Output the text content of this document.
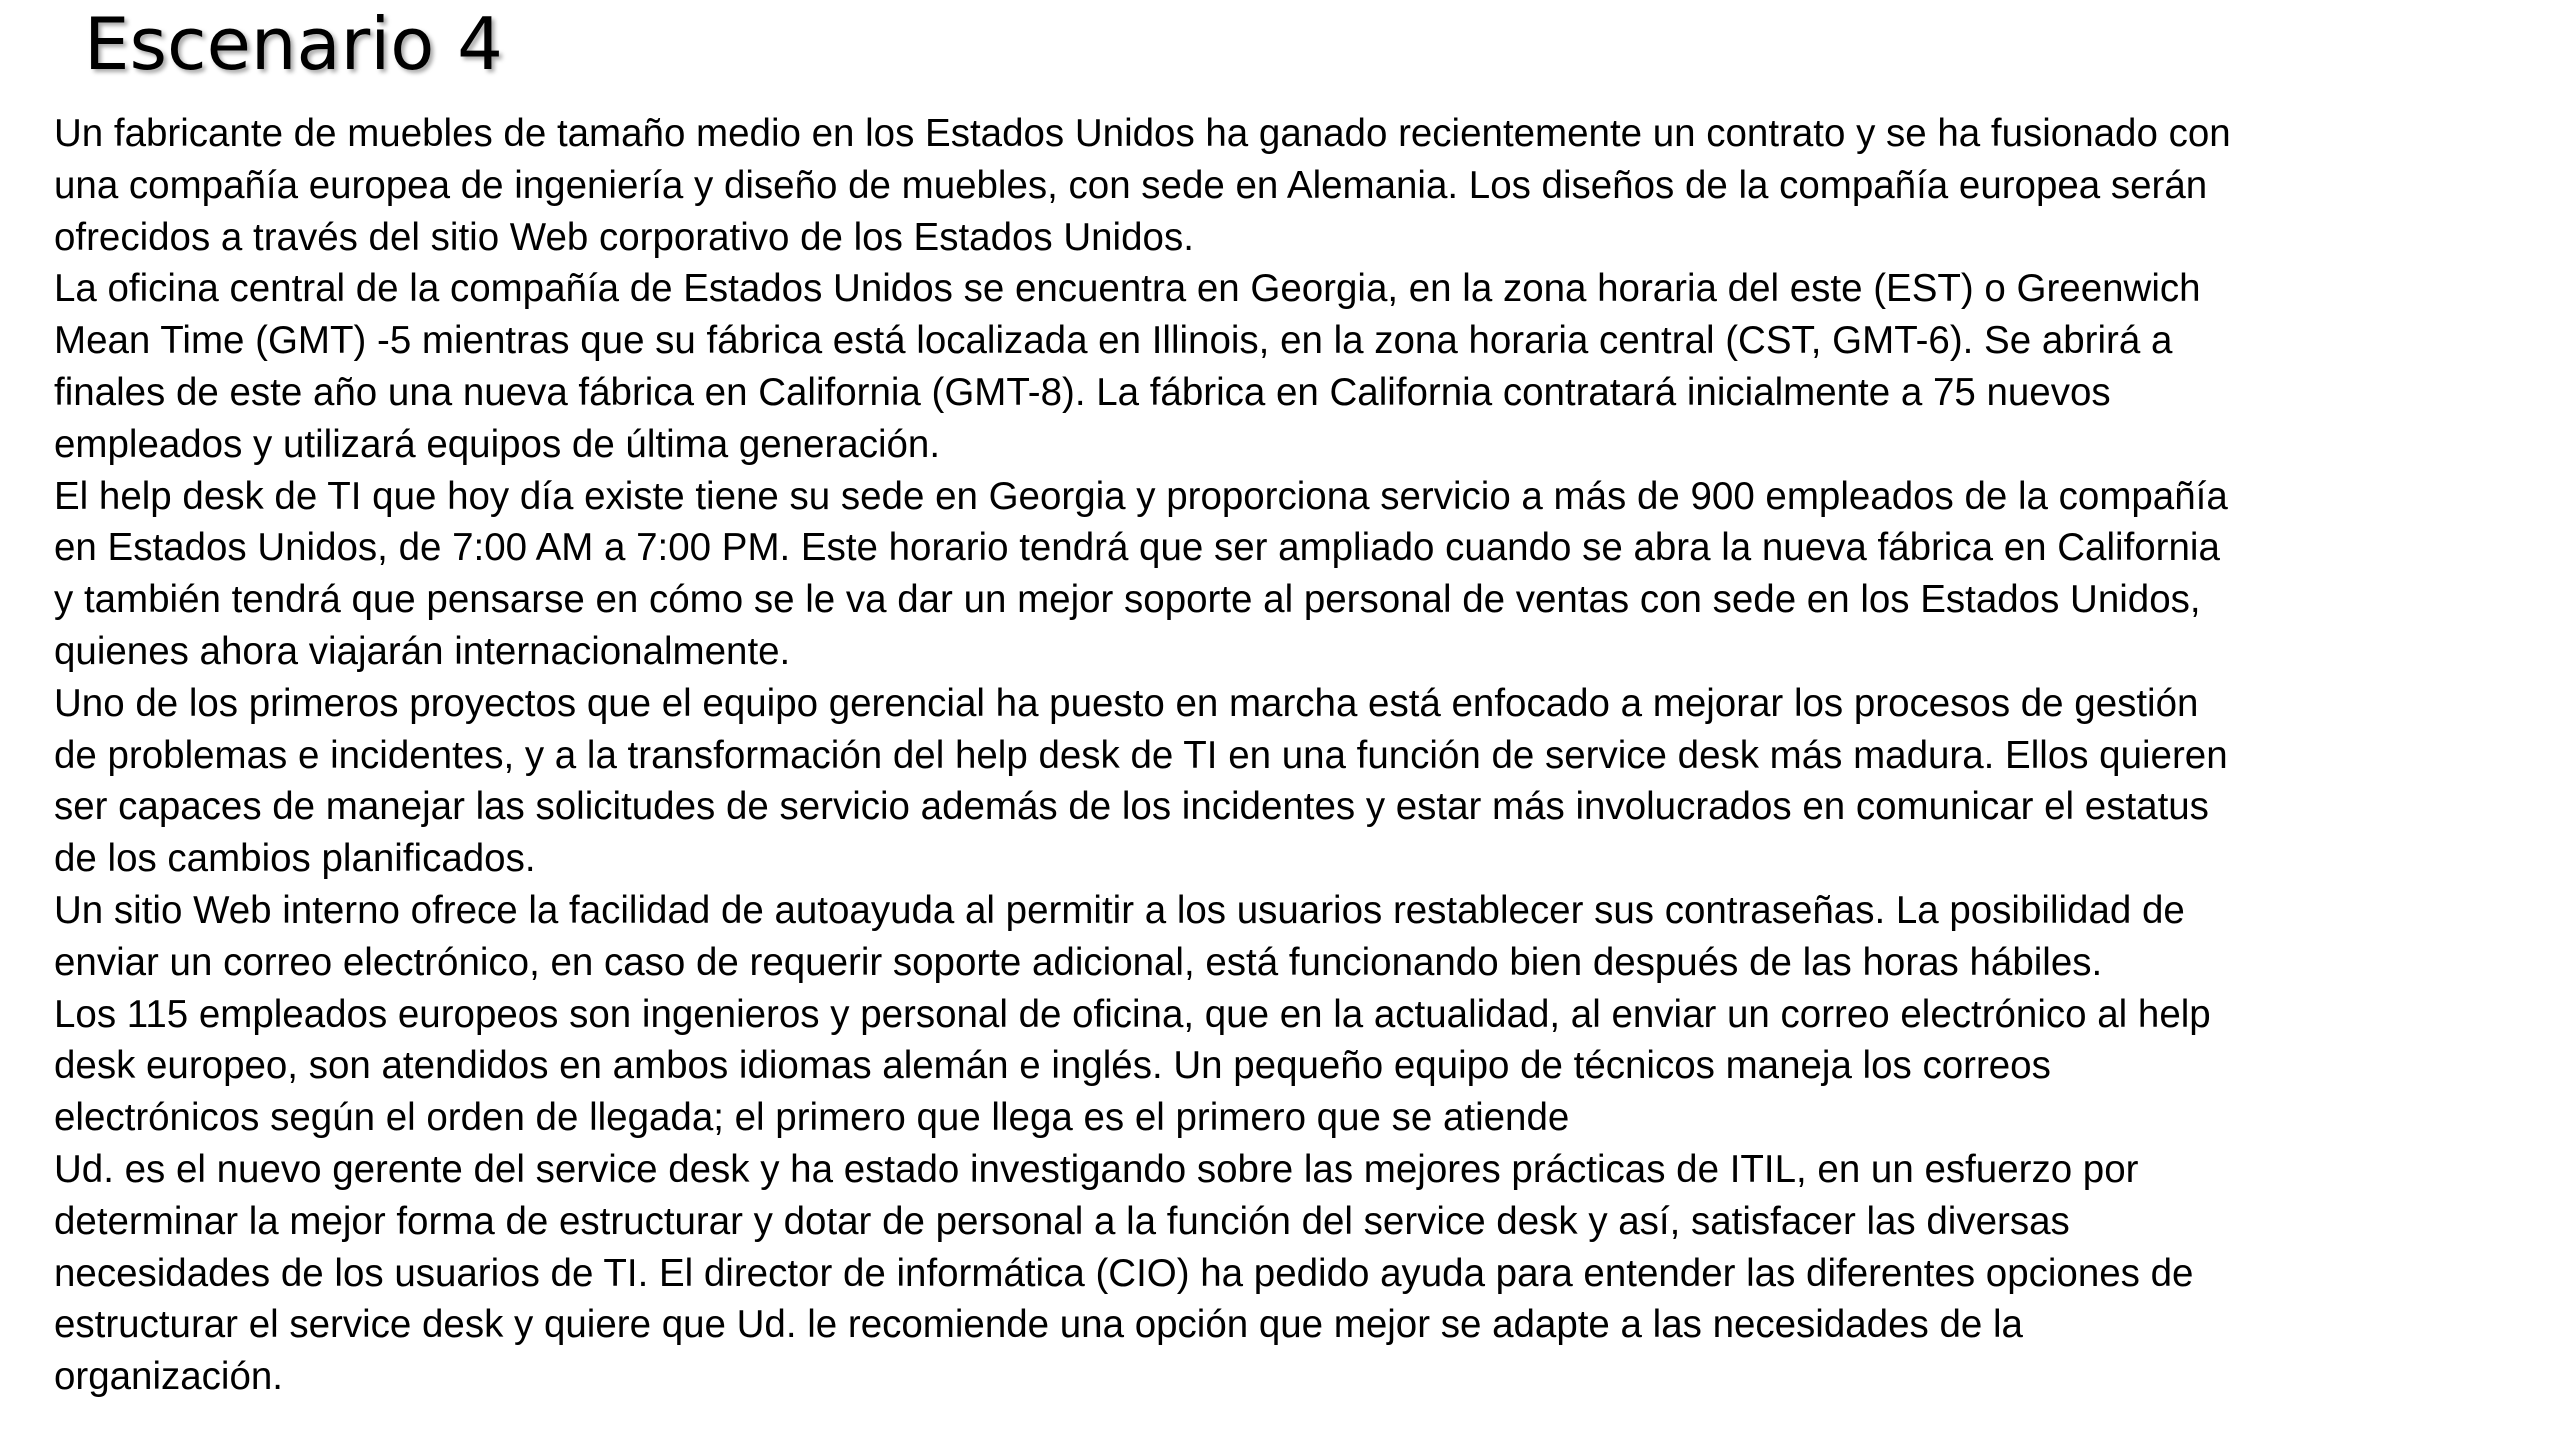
Escenario 4

Un fabricante de muebles de tamaño medio en los Estados Unidos ha ganado recientemente un contrato y se ha fusionado con
una compañía europea de ingeniería y diseño de muebles, con sede en Alemania. Los diseños de la compañía europea serán
ofrecidos a través del sitio Web corporativo de los Estados Unidos.

La oficina central de la compañía de Estados Unidos se encuentra en Georgia, en la zona horaria del este (EST) o Greenwich
Mean Time (GMT) -5 mientras que su fábrica está localizada en Illinois, en la zona horaria central (CST, GMT-6). Se abrirá a
finales de este año una nueva fábrica en California (GMT-8). La fábrica en California contratará inicialmente a 75 nuevos
empleados y utilizará equipos de última generación.

El help desk de TI que hoy día existe tiene su sede en Georgia y proporciona servicio a más de 900 empleados de la compañía
en Estados Unidos, de 7:00 AM a 7:00 PM. Este horario tendrá que ser ampliado cuando se abra la nueva fábrica en California
y también tendrá que pensarse en cómo se le va dar un mejor soporte al personal de ventas con sede en los Estados Unidos,
quienes ahora viajarán internacionalmente.

Uno de los primeros proyectos que el equipo gerencial ha puesto en marcha está enfocado a mejorar los procesos de gestión
de problemas e incidentes, y a la transformación del help desk de TI en una función de service desk más madura. Ellos quieren
ser capaces de manejar las solicitudes de servicio además de los incidentes y estar más involucrados en comunicar el estatus
de los cambios planificados.

Un sitio Web interno ofrece la facilidad de autoayuda al permitir a los usuarios restablecer sus contraseñas. La posibilidad de
enviar un correo electrónico, en caso de requerir soporte adicional, está funcionando bien después de las horas hábiles.

Los 115 empleados europeos son ingenieros y personal de oficina, que en la actualidad, al enviar un correo electrónico al help
desk europeo, son atendidos en ambos idiomas alemán e inglés. Un pequeño equipo de técnicos maneja los correos
electrónicos según el orden de llegada; el primero que llega es el primero que se atiende

Ud. es el nuevo gerente del service desk y ha estado investigando sobre las mejores prácticas de ITIL, en un esfuerzo por
determinar la mejor forma de estructurar y dotar de personal a la función del service desk y así, satisfacer las diversas
necesidades de los usuarios de TI. El director de informática (CIO) ha pedido ayuda para entender las diferentes opciones de
estructurar el service desk y quiere que Ud. le recomiende una opción que mejor se adapte a las necesidades de la
organización.
